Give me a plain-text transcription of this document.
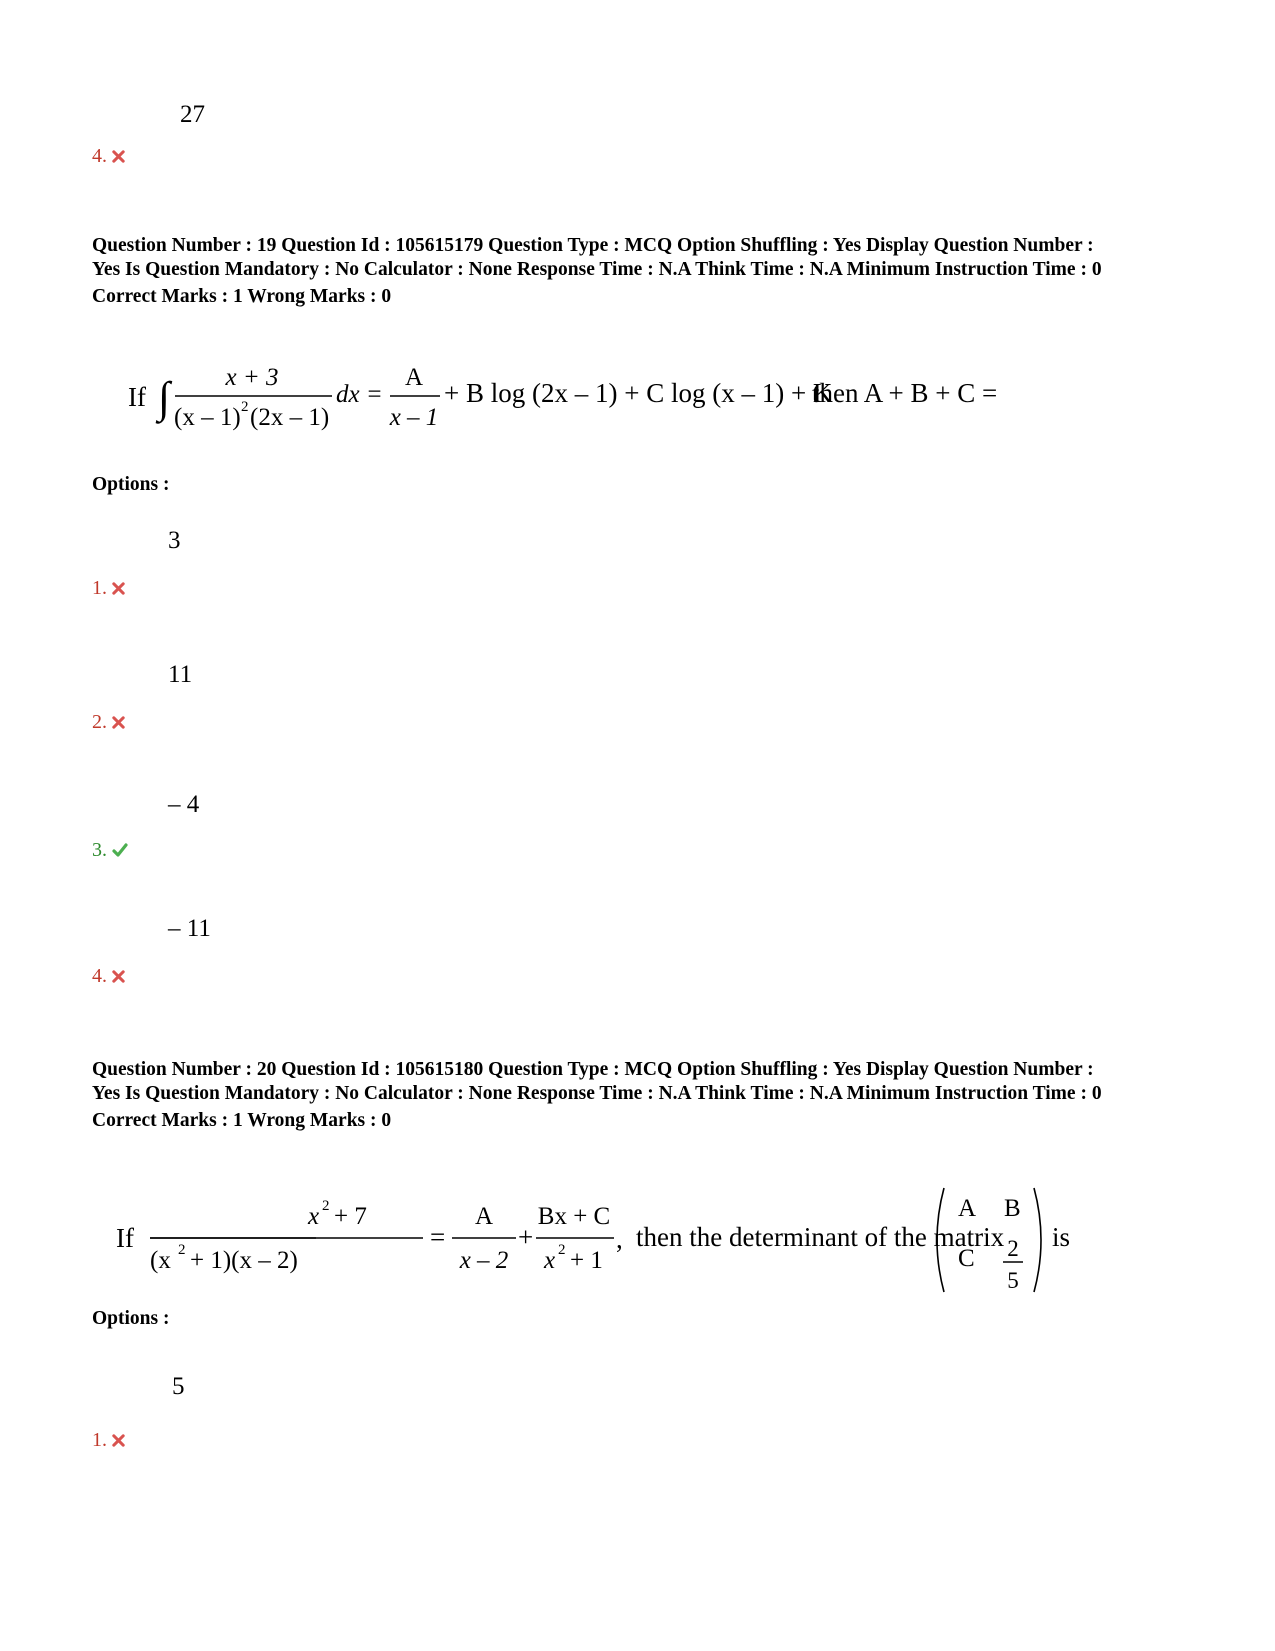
27
4.
Question Number : 19 Question Id : 105615179 Question Type : MCQ Option Shuffling : Yes Display Question Number :
Yes Is Question Mandatory : No Calculator : None Response Time : N.A Think Time : N.A Minimum Instruction Time : 0
Correct Marks : 1 Wrong Marks : 0
If ∫ x + 3
(x – 1) 2 (2x – 1)
dx =
A
x – 1
+ B log (2x – 1) + C log (x – 1) + K
then A + B + C =
Options :
3
1.
11
2.
– 4
3.
– 11
4.
Question Number : 20 Question Id : 105615180 Question Type : MCQ Option Shuffling : Yes Display Question Number :
Yes Is Question Mandatory : No Calculator : None Response Time : N.A Think Time : N.A Minimum Instruction Time : 0
Correct Marks : 1 Wrong Marks : 0
If
x 2 + 7
(x 2 + 1)(x – 2)
=
A
x – 2
+
Bx + C
x 2 + 1
, then the determinant of the matrix
A B
C 2
5
is
Options :
5
1.
